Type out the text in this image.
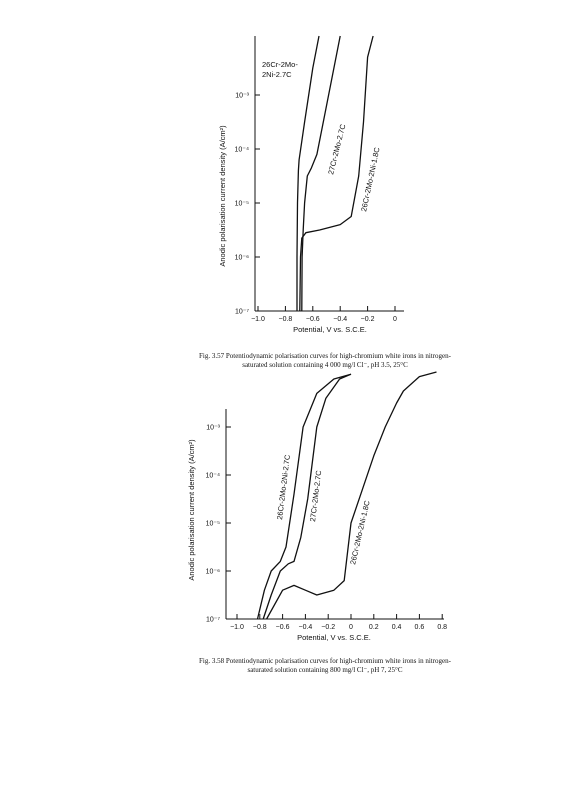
10⁻⁷
10⁻⁶
10⁻⁵
10⁻⁴
10⁻³
−1.0 −0.8 −0.6 −0.4 −0.2	0
Anodic polarisation current density (A/cm²)
Potential, V vs. S.C.E.
26Cr-2Mo-
2Ni-2.7C
27Cr-2Mo-2.7C 26Cr-2Mo-2Ni-1.8C
10⁻⁷
10⁻⁶
10⁻⁵
10⁻⁴
10⁻³
−1.0 −0.8 −0.6 −0.4 −0.2 0 0.2 0.4 0.6 0.8
Anodic polarisation current density (A/cm²)
Potential, V vs. S.C.E.
26Cr-2Mo-2Ni-2.7C 27Cr-2Mo-2.7C
26Cr-2Mo-2Ni-1.8C
Fig. 3.57 Potentiodynamic polarisation curves for high-chromium white irons in nitrogen-
saturated solution containing 4 000 mg/l Cl⁻, pH 3.5, 25°C
Fig. 3.58 Potentiodynamic polarisation curves for high-chromium white irons in nitrogen-
saturated solution containing 800 mg/l Cl⁻, pH 7, 25°C
